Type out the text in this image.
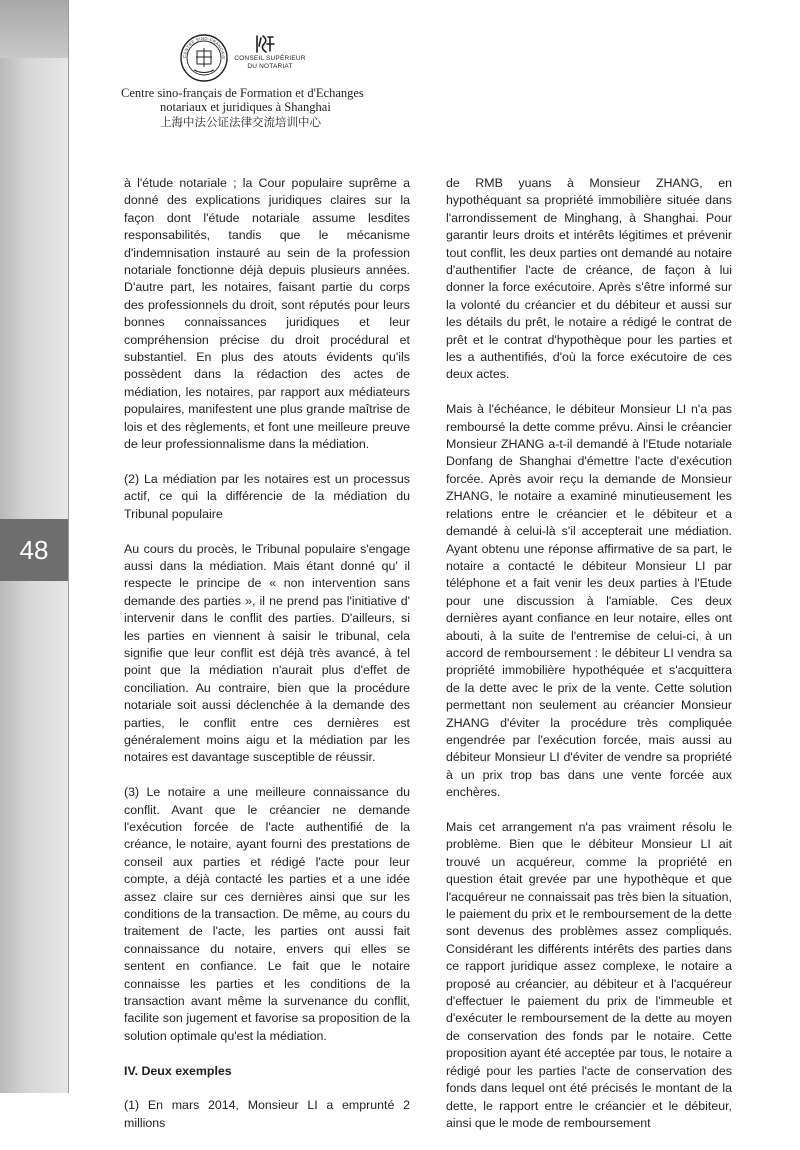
48
CENTRE SINO-FRANÇAIS	CONSEIL SUPÉRIEUR
DU NOTARIAT
Centre sino-français de Formation et d'Echanges
notariaux et juridiques à Shanghai
上海中法公证法律交流培训中心

à l'étude notariale ; la Cour populaire suprême a donné des explications juridiques claires sur la façon dont l'étude notariale assume lesdites responsabilités, tandis que le mécanisme d'indemnisation instauré au sein de la profession notariale fonctionne déjà depuis plusieurs années. D'autre part, les notaires, faisant partie du corps des professionnels du droit, sont réputés pour leurs bonnes connaissances juridiques et leur compréhension précise du droit procédural et substantiel. En plus des atouts évidents qu'ils possèdent dans la rédaction des actes de médiation, les notaires, par rapport aux médiateurs populaires, manifestent une plus grande maîtrise de lois et des règlements, et font une meilleure preuve de leur professionnalisme dans la médiation.

(2) La médiation par les notaires est un processus actif, ce qui la différencie de la médiation du Tribunal populaire

Au cours du procès, le Tribunal populaire s'engage aussi dans la médiation. Mais étant donné qu' il respecte le principe de « non intervention sans demande des parties », il ne prend pas l'initiative d' intervenir dans le conflit des parties. D'ailleurs, si les parties en viennent à saisir le tribunal, cela signifie que leur conflit est déjà très avancé, à tel point que la médiation n'aurait plus d'effet de conciliation. Au contraire, bien que la procédure notariale soit aussi déclenchée à la demande des parties, le conflit entre ces dernières est généralement moins aigu et la médiation par les notaires est davantage susceptible de réussir.

(3) Le notaire a une meilleure connaissance du conflit. Avant que le créancier ne demande l'exécution forcée de l'acte authentifié de la créance, le notaire, ayant fourni des prestations de conseil aux parties et rédigé l'acte pour leur compte, a déjà contacté les parties et a une idée assez claire sur ces dernières ainsi que sur les conditions de la transaction. De même, au cours du traitement de l'acte, les parties ont aussi fait connaissance du notaire, envers qui elles se sentent en confiance. Le fait que le notaire connaisse les parties et les conditions de la transaction avant même la survenance du conflit, facilite son jugement et favorise sa proposition de la solution optimale qu'est la médiation.

IV. Deux exemples

(1) En mars 2014, Monsieur LI a emprunté 2 millions

de RMB yuans à Monsieur ZHANG, en hypothéquant sa propriété immobilière située dans l'arrondissement de Minghang, à Shanghai. Pour garantir leurs droits et intérêts légitimes et prévenir tout conflit, les deux parties ont demandé au notaire d'authentifier l'acte de créance, de façon à lui donner la force exécutoire. Après s'être informé sur la volonté du créancier et du débiteur et aussi sur les détails du prêt, le notaire a rédigé le contrat de prêt et le contrat d'hypothèque pour les parties et les a authentifiés, d'où la force exécutoire de ces deux actes.

Mais à l'échéance, le débiteur Monsieur LI n'a pas remboursé la dette comme prévu. Ainsi le créancier Monsieur ZHANG a-t-il demandé à l'Etude notariale Donfang de Shanghai d'émettre l'acte d'exécution forcée. Après avoir reçu la demande de Monsieur ZHANG, le notaire a examiné minutieusement les relations entre le créancier et le débiteur et a demandé à celui-là s'il accepterait une médiation. Ayant obtenu une réponse affirmative de sa part, le notaire a contacté le débiteur Monsieur LI par téléphone et a fait venir les deux parties à l'Etude pour une discussion à l'amiable. Ces deux dernières ayant confiance en leur notaire, elles ont abouti, à la suite de l'entremise de celui-ci, à un accord de remboursement : le débiteur LI vendra sa propriété immobilière hypothéquée et s'acquittera de la dette avec le prix de la vente. Cette solution permettant non seulement au créancier Monsieur ZHANG d'éviter la procédure très compliquée engendrée par l'exécution forcée, mais aussi au débiteur Monsieur LI d'éviter de vendre sa propriété à un prix trop bas dans une vente forcée aux enchères.

Mais cet arrangement n'a pas vraiment résolu le problème. Bien que le débiteur Monsieur LI ait trouvé un acquéreur, comme la propriété en question était grevée par une hypothèque et que l'acquéreur ne connaissait pas très bien la situation, le paiement du prix et le remboursement de la dette sont devenus des problèmes assez compliqués. Considérant les différents intérêts des parties dans ce rapport juridique assez complexe, le notaire a proposé au créancier, au débiteur et à l'acquéreur d'effectuer le paiement du prix de l'immeuble et d'exécuter le remboursement de la dette au moyen de conservation des fonds par le notaire. Cette proposition ayant été acceptée par tous, le notaire a rédigé pour les parties l'acte de conservation des fonds dans lequel ont été précisés le montant de la dette, le rapport entre le créancier et le débiteur, ainsi que le mode de remboursement
